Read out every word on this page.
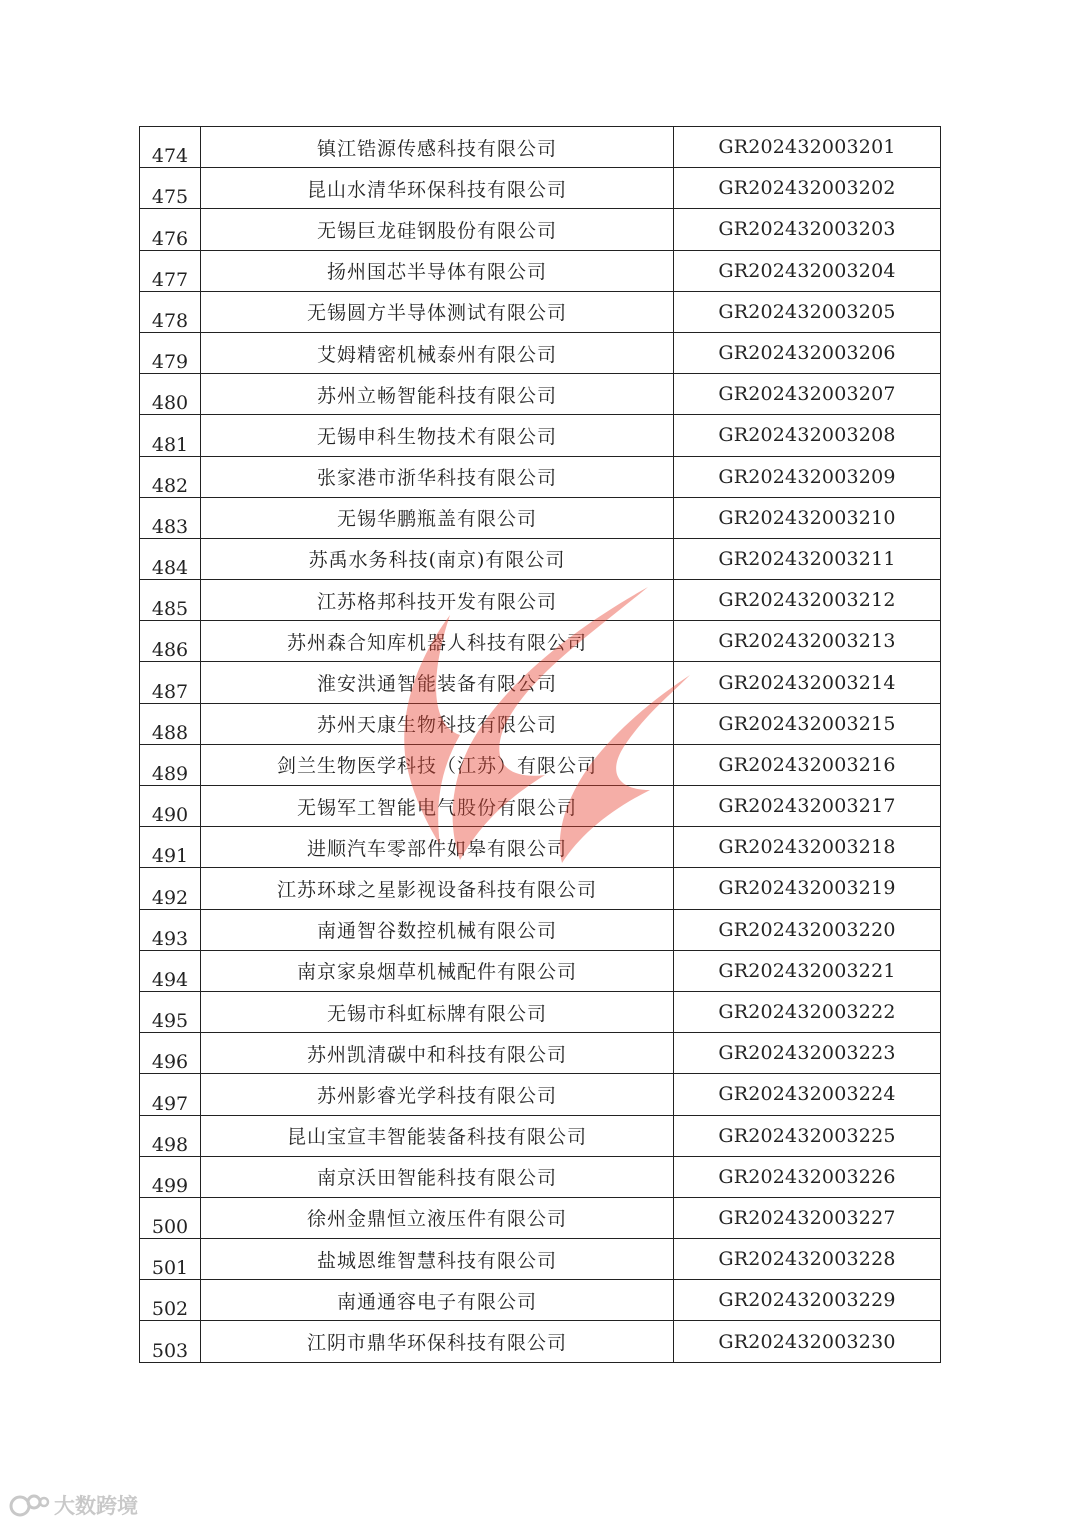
474	镇江锆源传感科技有限公司	GR202432003201
475	昆山水清华环保科技有限公司	GR202432003202
476	无锡巨龙硅钢股份有限公司	GR202432003203
477	扬州国芯半导体有限公司	GR202432003204
478	无锡圆方半导体测试有限公司	GR202432003205
479	艾姆精密机械泰州有限公司	GR202432003206
480	苏州立畅智能科技有限公司	GR202432003207
481	无锡申科生物技术有限公司	GR202432003208
482	张家港市浙华科技有限公司	GR202432003209
483	无锡华鹏瓶盖有限公司	GR202432003210
484	苏禹水务科技(南京)有限公司	GR202432003211
485	江苏格邦科技开发有限公司	GR202432003212
486	苏州森合知库机器人科技有限公司	GR202432003213
487	淮安洪通智能装备有限公司	GR202432003214
488	苏州天康生物科技有限公司	GR202432003215
489	剑兰生物医学科技（江苏）有限公司	GR202432003216
490	无锡军工智能电气股份有限公司	GR202432003217
491	进顺汽车零部件如皋有限公司	GR202432003218
492	江苏环球之星影视设备科技有限公司	GR202432003219
493	南通智谷数控机械有限公司	GR202432003220
494	南京家泉烟草机械配件有限公司	GR202432003221
495	无锡市科虹标牌有限公司	GR202432003222
496	苏州凯清碳中和科技有限公司	GR202432003223
497	苏州影睿光学科技有限公司	GR202432003224
498	昆山宝宣丰智能装备科技有限公司	GR202432003225
499	南京沃田智能科技有限公司	GR202432003226
500	徐州金鼎恒立液压件有限公司	GR202432003227
501	盐城恩维智慧科技有限公司	GR202432003228
502	南通通容电子有限公司	GR202432003229
503	江阴市鼎华环保科技有限公司	GR202432003230
大数跨境
